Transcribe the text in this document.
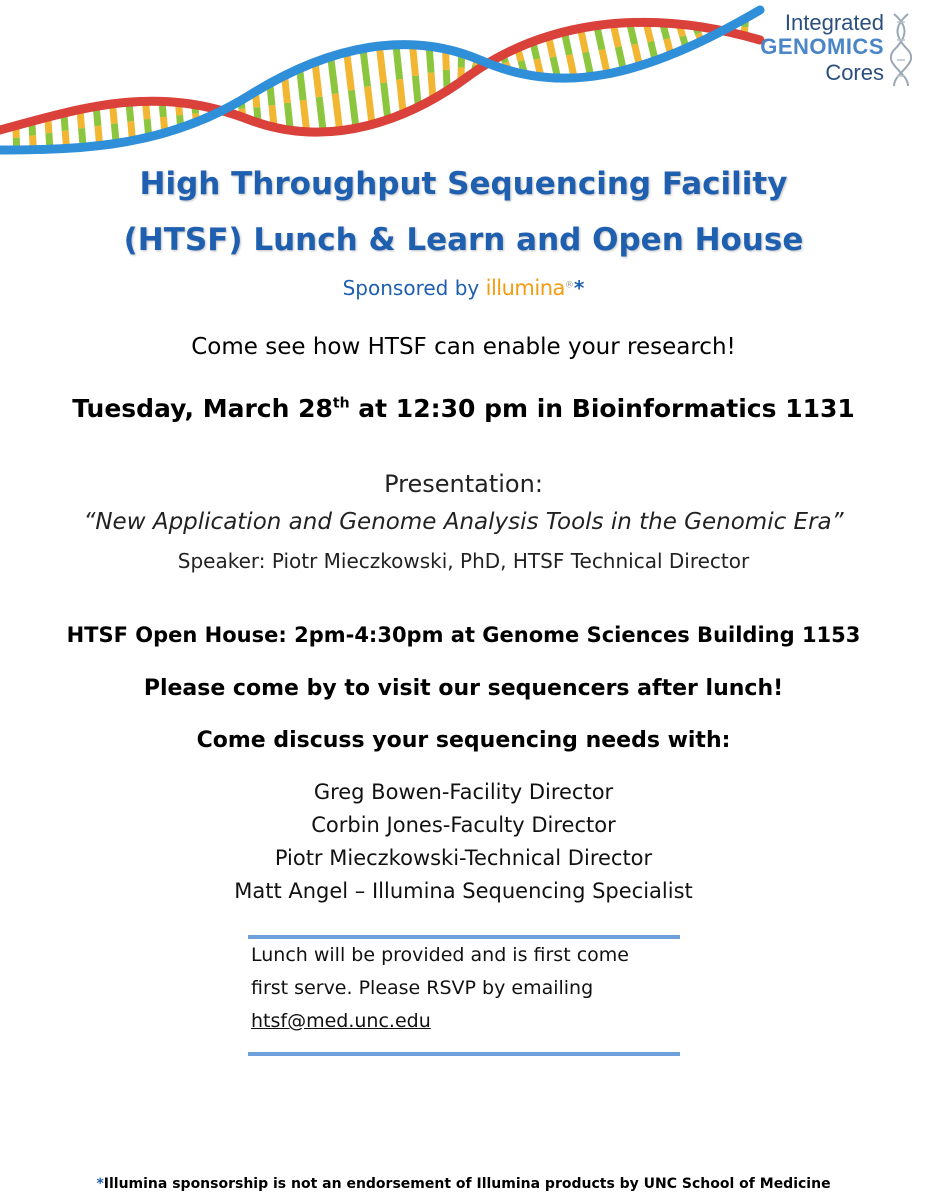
Integrated
GENOMICS
Cores
High Throughput Sequencing Facility
(HTSF) Lunch & Learn and Open House
Sponsored by illumina®*
Come see how HTSF can enable your research!
Tuesday, March 28th at 12:30 pm in Bioinformatics 1131
Presentation:
“New Application and Genome Analysis Tools in the Genomic Era”
Speaker: Piotr Mieczkowski, PhD, HTSF Technical Director
HTSF Open House: 2pm-4:30pm at Genome Sciences Building 1153
Please come by to visit our sequencers after lunch!
Come discuss your sequencing needs with:
Greg Bowen-Facility Director
Corbin Jones-Faculty Director
Piotr Mieczkowski-Technical Director
Matt Angel – Illumina Sequencing Specialist
Lunch will be provided and is first come
first serve. Please RSVP by emailing
htsf@med.unc.edu
*Illumina sponsorship is not an endorsement of Illumina products by UNC School of Medicine
